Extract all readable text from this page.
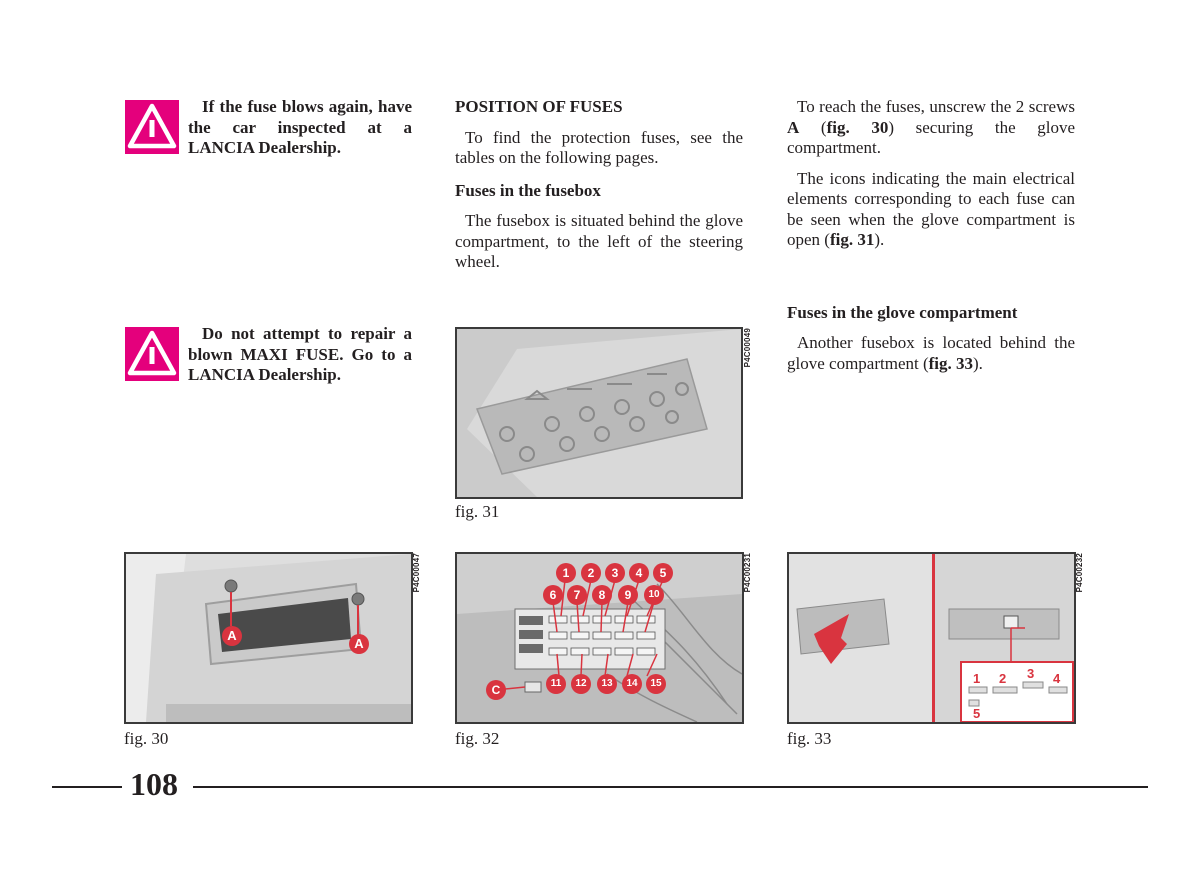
If the fuse blows again, have the car inspected at a LANCIA Dealership.

Do not attempt to repair a blown MAXI FUSE. Go to a LANCIA Dealership.

POSITION OF FUSES

To find the protection fuses, see the tables on the following pages.

Fuses in the fusebox

The fusebox is situated behind the glove compartment, to the left of the steering wheel.

To reach the fuses, unscrew the 2 screws A (fig. 30) securing the glove compartment.

The icons indicating the main electrical elements corresponding to each fuse can be seen when the glove compartment is open (fig. 31).

Fuses in the glove compartment

Another fusebox is located behind the glove compartment (fig. 33).

P4C00049
fig. 31
A
A
P4C00047
fig. 30
1	2	3	4	5
6	7	8	9	10
11	12	13	14	15
C
P4C00231
fig. 32
1 2 3 4
5
P4C00232
fig. 33
108
